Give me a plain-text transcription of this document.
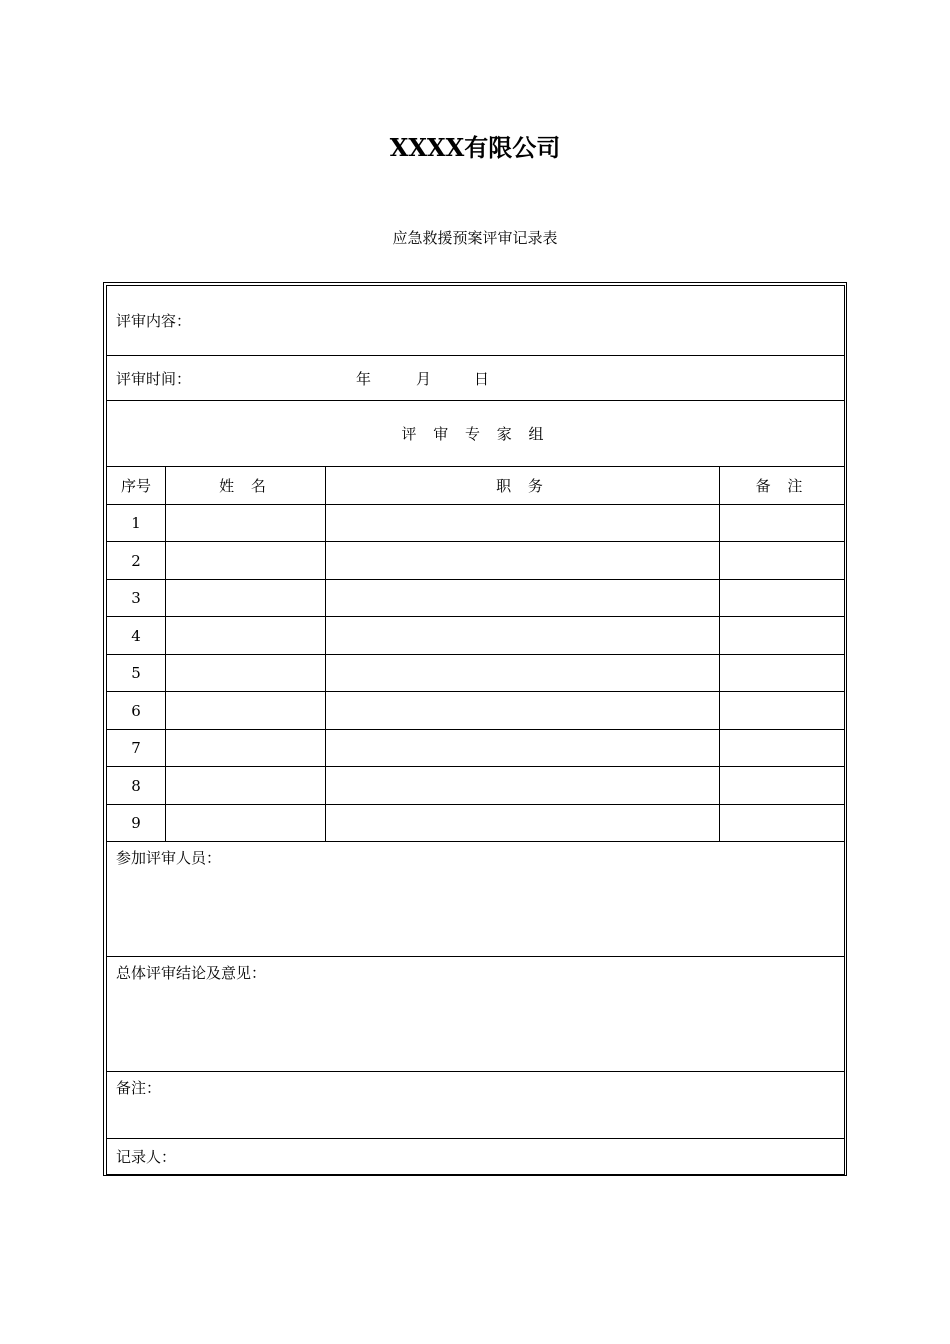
XXXX有限公司
应急救援预案评审记录表
评审内容：			
评审时间： 年 月 日			
评 审 专 家 组			
序号	姓 名	职 务	备 注
1			
2			
3			
4			
5			
6			
7			
8			
9			
参加评审人员：			
总体评审结论及意见：			
备注：			
记录人：			
